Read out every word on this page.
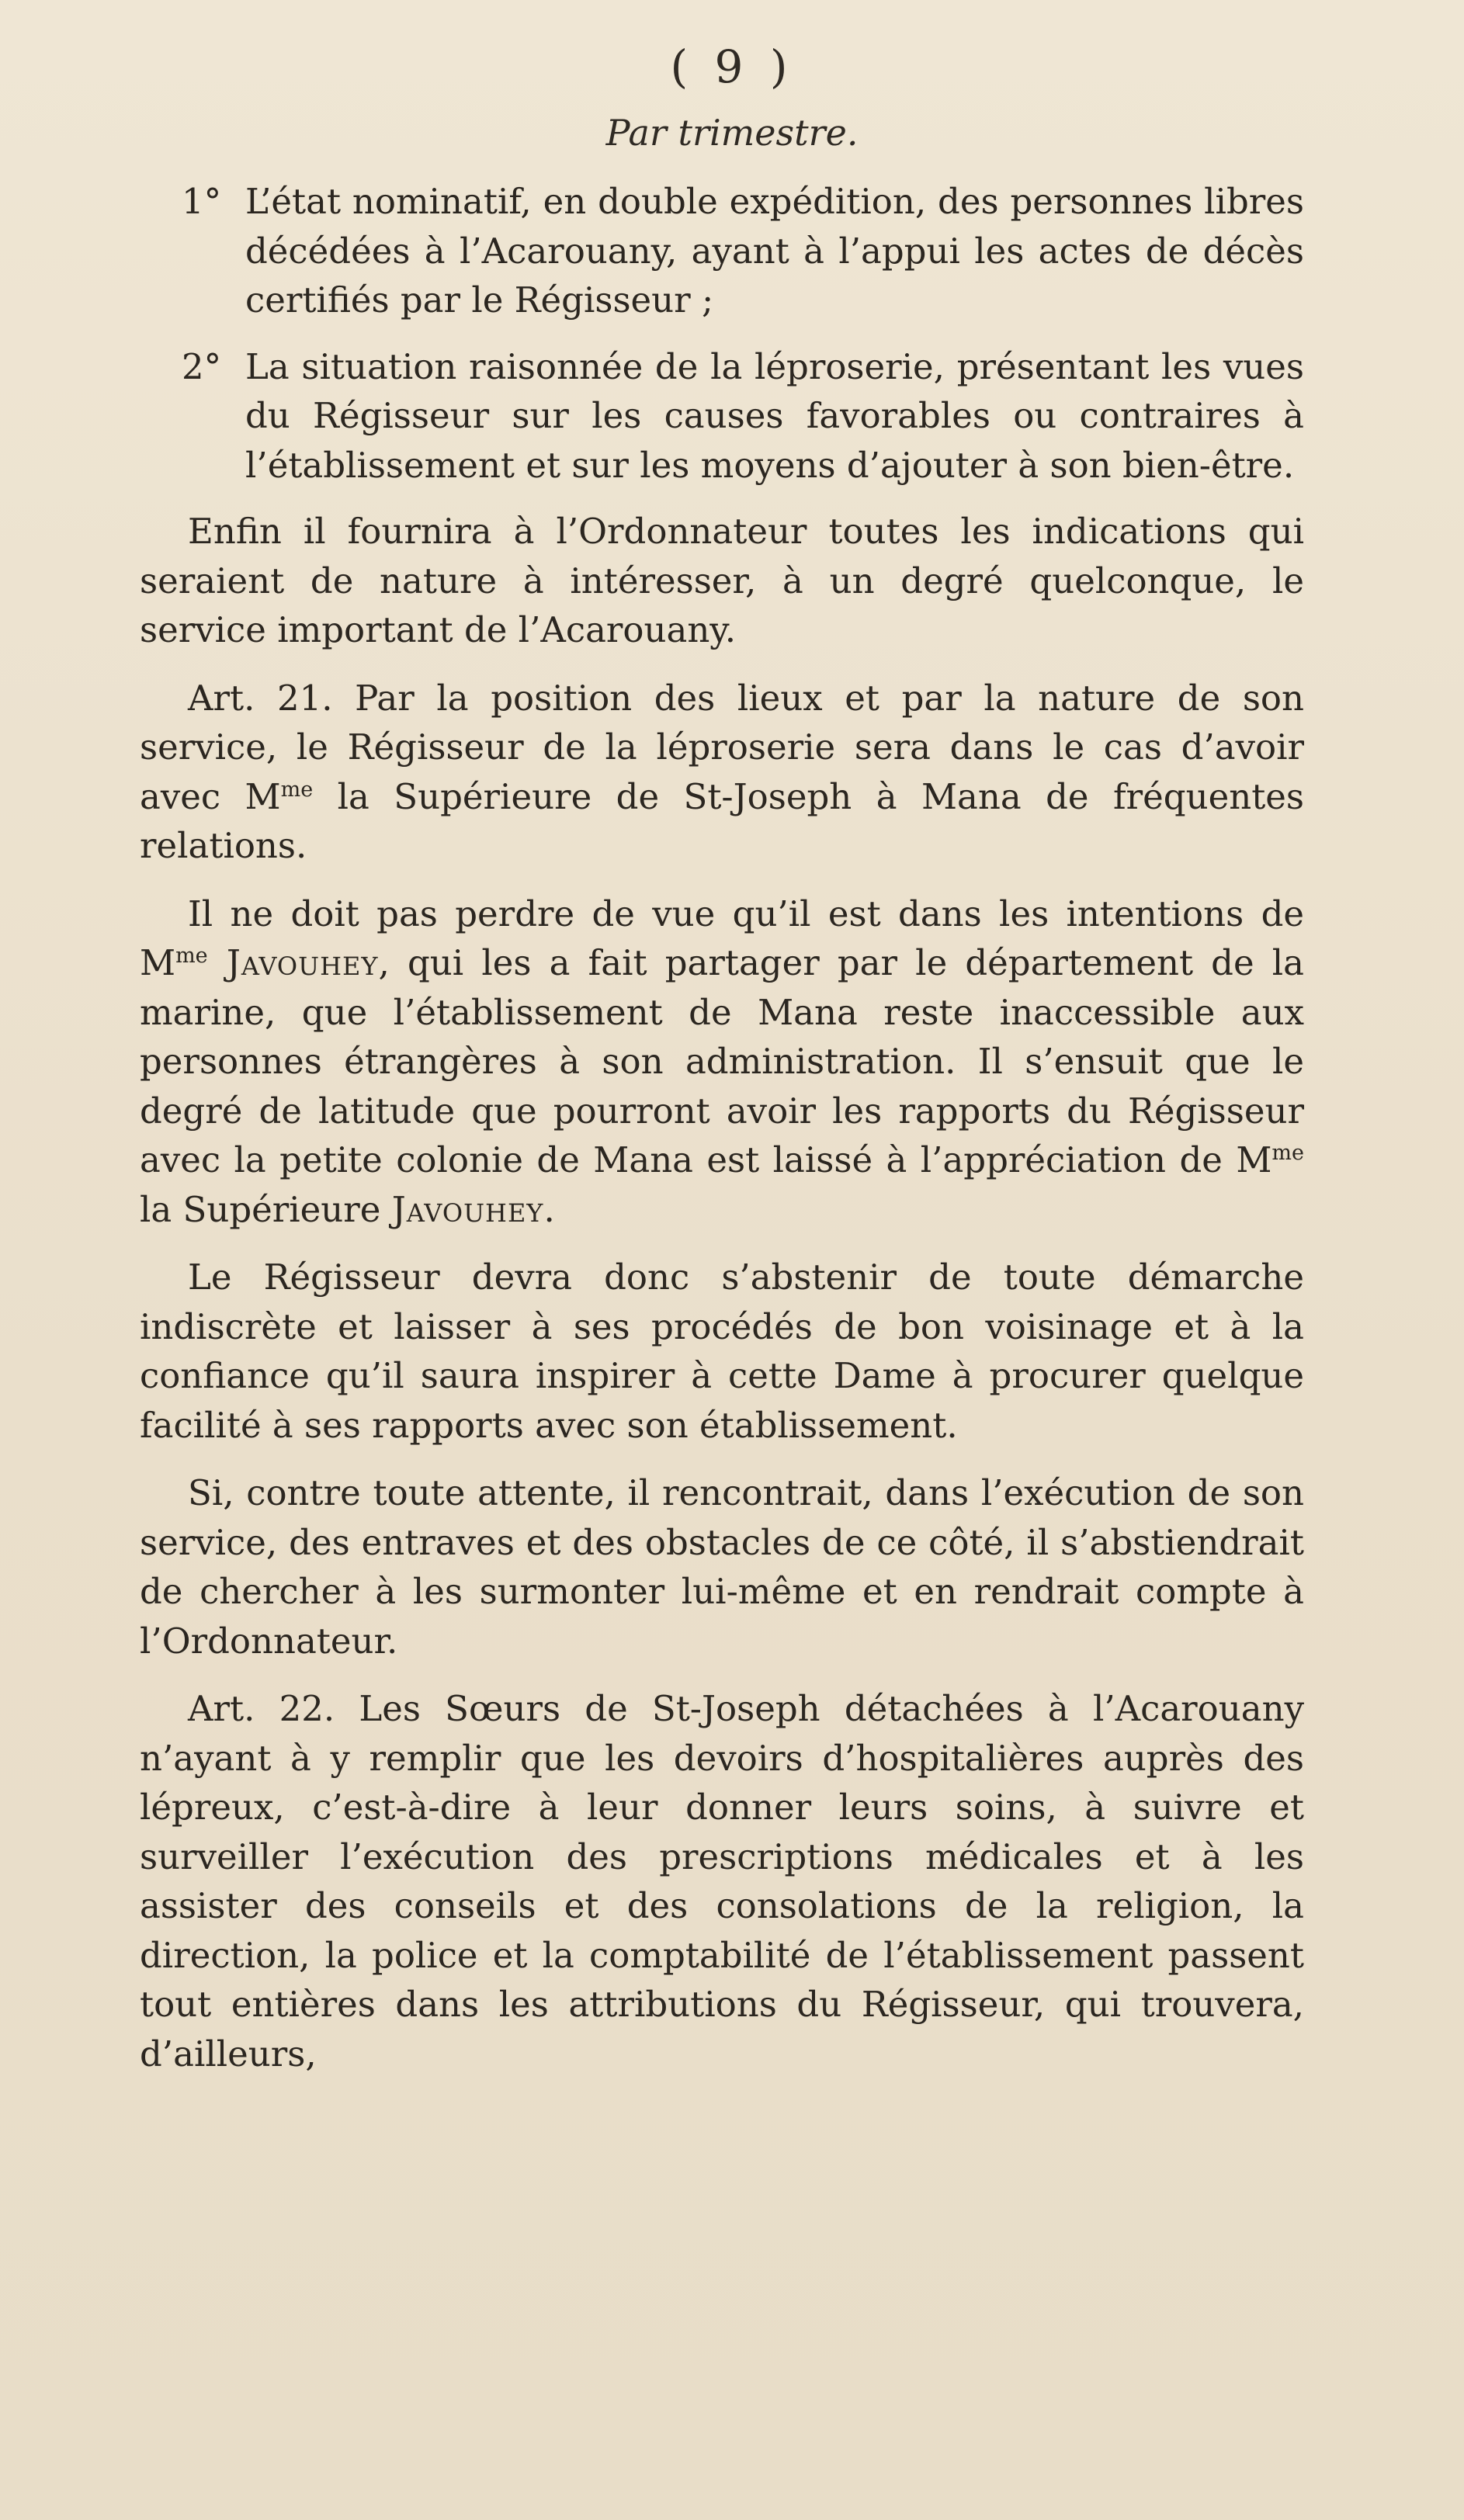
( 9 )
Par trimestre.
1° L’état nominatif, en double expédition, des personnes libres décédées à l’Acarouany, ayant à l’appui les actes de décès certifiés par le Régisseur ;
2° La situation raisonnée de la léproserie, présentant les vues du Régisseur sur les causes favorables ou contraires à l’établissement et sur les moyens d’ajouter à son bien-être.

Enfin il fournira à l’Ordonnateur toutes les indications qui seraient de nature à intéresser, à un degré quelconque, le service important de l’Acarouany.

Art. 21. Par la position des lieux et par la nature de son service, le Régisseur de la léproserie sera dans le cas d’avoir avec $M^{me}$ la Supérieure de St-Joseph à Mana de fréquentes relations.

Il ne doit pas perdre de vue qu’il est dans les intentions de $M^{me}$ Javouhey, qui les a fait partager par le département de la marine, que l’établissement de Mana reste inaccessible aux personnes étrangères à son administration. Il s’ensuit que le degré de latitude que pourront avoir les rapports du Régisseur avec la petite colonie de Mana est laissé à l’appréciation de $M^{me}$ la Supérieure Javouhey.

Le Régisseur devra donc s’abstenir de toute démarche indiscrète et laisser à ses procédés de bon voisinage et à la confiance qu’il saura inspirer à cette Dame à procurer quelque facilité à ses rapports avec son établissement.

Si, contre toute attente, il rencontrait, dans l’exécution de son service, des entraves et des obstacles de ce côté, il s’abstiendrait de chercher à les surmonter lui-même et en rendrait compte à l’Ordonnateur.

Art. 22. Les Sœurs de St-Joseph détachées à l’Acarouany n’ayant à y remplir que les devoirs d’hospitalières auprès des lépreux, c’est-à-dire à leur donner leurs soins, à suivre et surveiller l’exécution des prescriptions médicales et à les assister des conseils et des consolations de la religion, la direction, la police et la comptabilité de l’établissement passent tout entières dans les attributions du Régisseur, qui trouvera, d’ailleurs,
